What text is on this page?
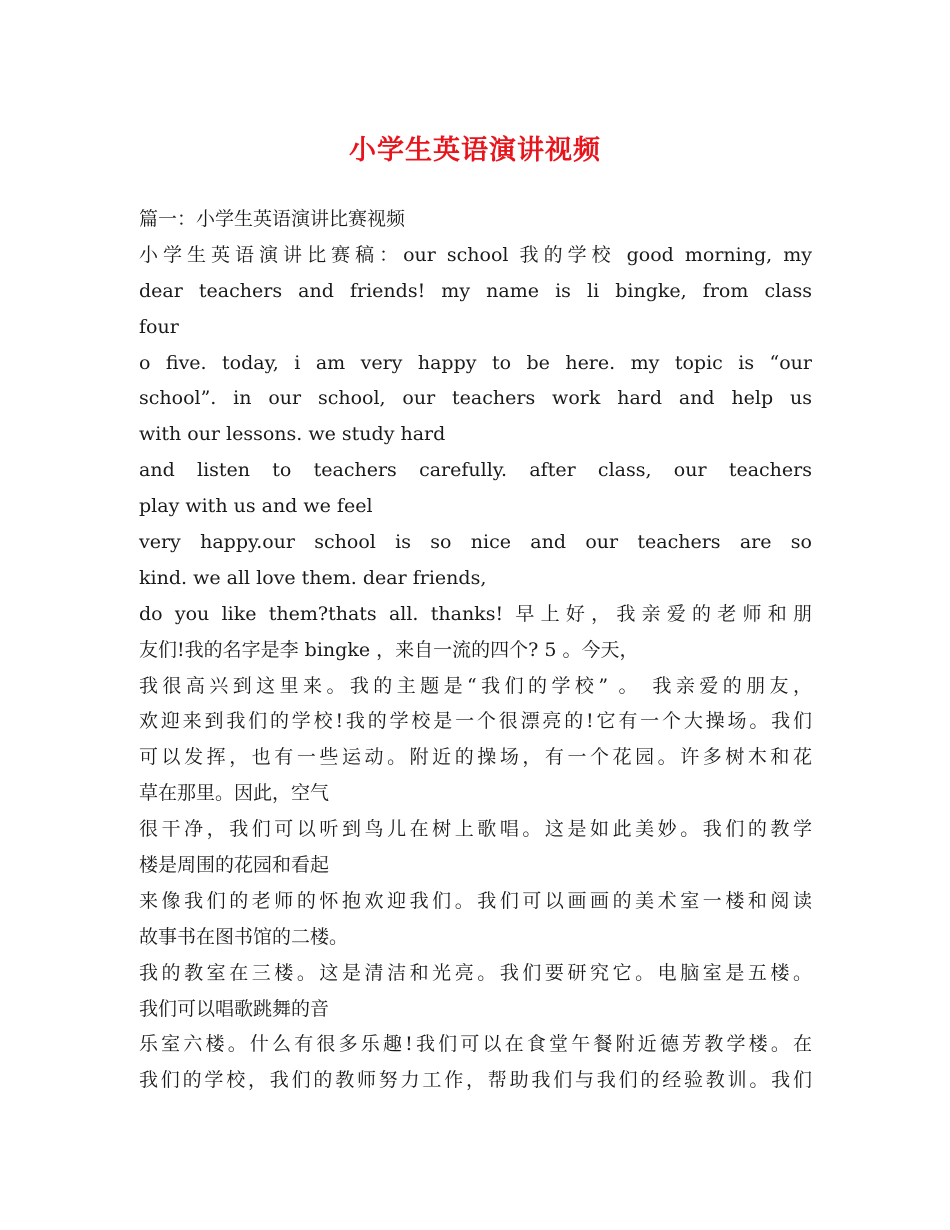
小学生英语演讲视频
篇一：小学生英语演讲比赛视频
小学生英语演讲比赛稿：our school 我的学校 good morning, my
dear teachers and friends! my name is li bingke, from class
four
o five. today, i am very happy to be here. my topic is “our
school”. in our school, our teachers work hard and help us
with our lessons. we study hard
and listen to teachers carefully. after class, our teachers
play with us and we feel
very happy.our school is so nice and our teachers are so
kind. we all love them. dear friends,
do you like them?thats all. thanks! 早上好，我亲爱的老师和朋
友们!我的名字是李 bingke ，来自一流的四个? 5 。今天，
我很高兴到这里来。我的主题是“我们的学校” 。 我亲爱的朋友，
欢迎来到我们的学校!我的学校是一个很漂亮的!它有一个大操场。我们
可以发挥，也有一些运动。附近的操场，有一个花园。许多树木和花
草在那里。因此，空气
很干净，我们可以听到鸟儿在树上歌唱。这是如此美妙。我们的教学
楼是周围的花园和看起
来像我们的老师的怀抱欢迎我们。我们可以画画的美术室一楼和阅读
故事书在图书馆的二楼。
我的教室在三楼。这是清洁和光亮。我们要研究它。电脑室是五楼。
我们可以唱歌跳舞的音
乐室六楼。什么有很多乐趣!我们可以在食堂午餐附近德芳教学楼。在
我们的学校，我们的教师努力工作，帮助我们与我们的经验教训。我们
